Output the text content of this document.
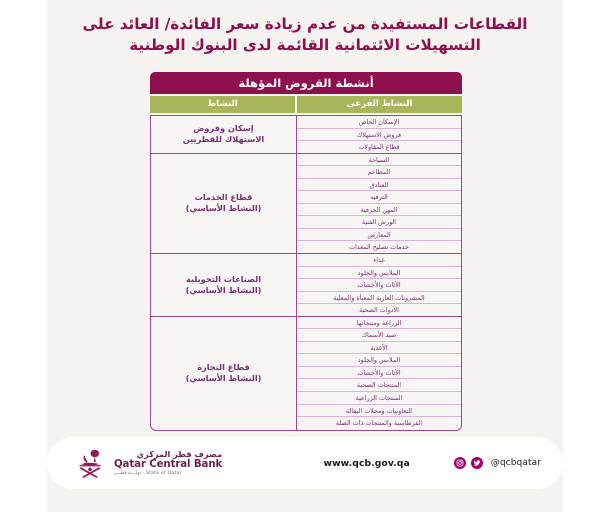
القطاعات المستفيدة من عدم زيادة سعر الفائدة/ العائد على
التسهيلات الائتمانية القائمة لدى البنوك الوطنية
أنشطة القروض المؤهلة
النشاط الفرعي
النشاط
الإسكان الخاص
قروض الاستهلاك
قطاع المقاولات
السياحة
المطاعم
الفنادق
الترفيه
المهن الحرفية
الورش الفنية
المعارض
خدمات تصليح المعدات
غذاء
الملابس والجلود
الأثاث والأخشاب
المشروبات الغازية المعبأة والمعلبة
الأدوات الصحية
الزراعة ومنتجاتها
صيد الأسماك
الأغذية
الملابس والجلود
الأثاث والأخشاب
المنتجات الصحية
المنتجات الزراعية
التعاونيات ومحلات البقالة
القرطاسية والمنتجات ذات الصلة
إسكان وقروض
الاستهلاك للقطريين
قطاع الخدمات
(النشاط الأساسي)
الصناعات التحويلية
(النشاط الأساسي)
قطاع التجارة
(النشاط الأساسي)
مصرف قطر المركزي
Qatar Central Bank
دولــــة قطـــر · State of Qatar
www.qcb.gov.qa	@qcbqatar
